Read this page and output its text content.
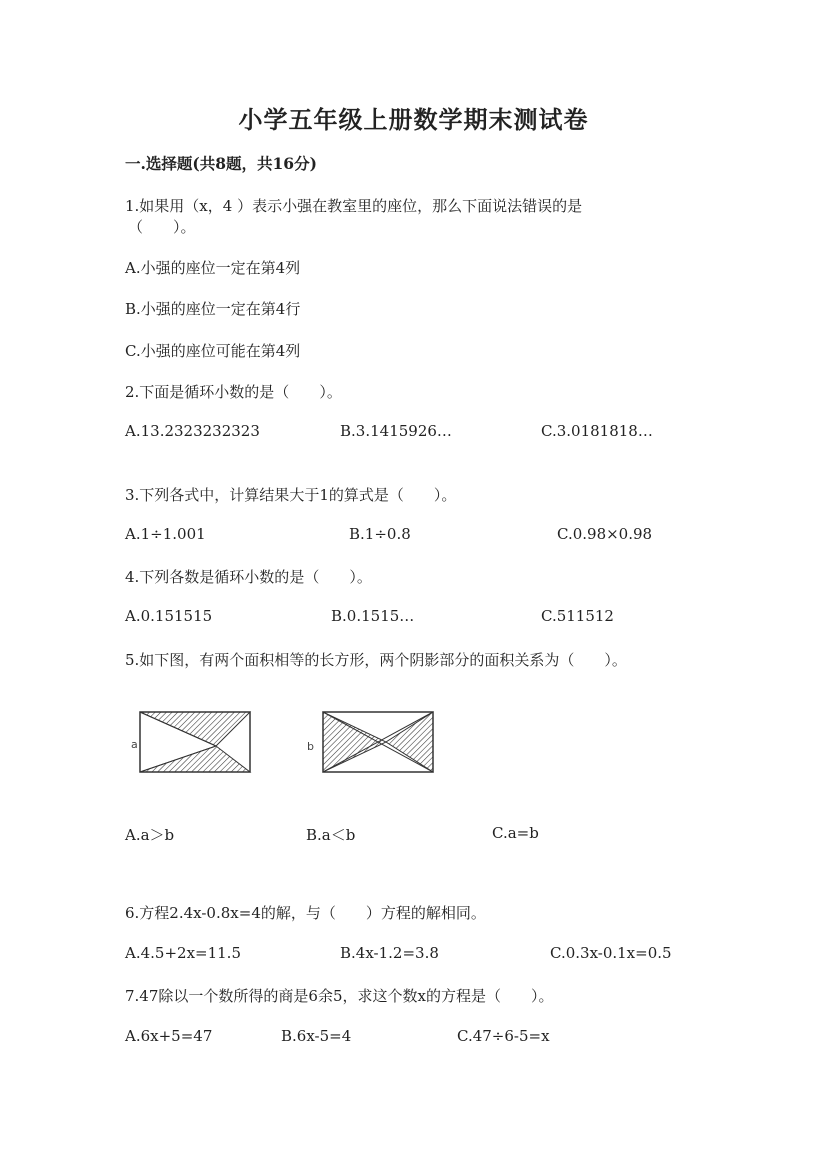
小学五年级上册数学期末测试卷
一.选择题(共8题，共16分)
1.如果用（x，4 ）表示小强在教室里的座位，那么下面说法错误的是
（　　）。
A.小强的座位一定在第4列
B.小强的座位一定在第4行
C.小强的座位可能在第4列
2.下面是循环小数的是（　　）。
A.13.2323232323	B.3.1415926…	C.3.0181818…
3.下列各式中，计算结果大于1的算式是（　　）。
A.1÷1.001	B.1÷0.8	C.0.98×0.98
4.下列各数是循环小数的是（　　）。
A.0.151515	B.0.1515…	C.511512
5.如下图，有两个面积相等的长方形，两个阴影部分的面积关系为（　　）。
a	b
A.a＞b	B.a＜b	C.a=b
6.方程2.4x-0.8x=4的解，与（　　）方程的解相同。
A.4.5+2x=11.5	B.4x-1.2=3.8	C.0.3x-0.1x=0.5
7.47除以一个数所得的商是6余5，求这个数x的方程是（　　）。
A.6x+5=47	B.6x-5=4	C.47÷6-5=x
